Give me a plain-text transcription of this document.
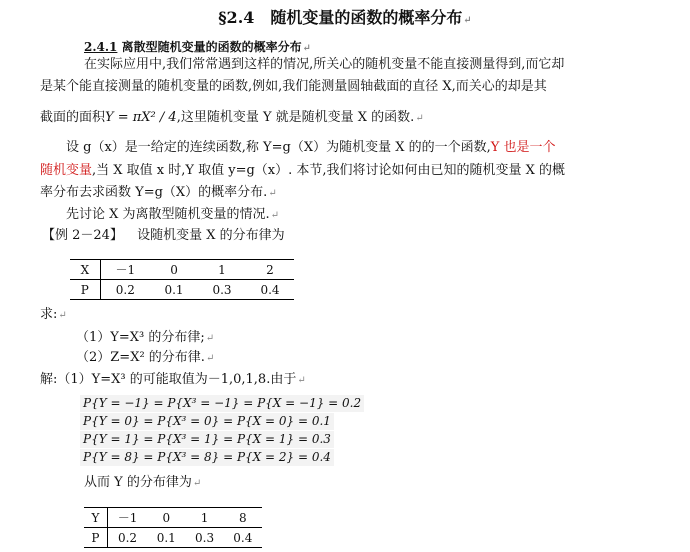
§2.4　随机变量的函数的概率分布↵
2.4.1 离散型随机变量的函数的概率分布↵
在实际应用中,我们常常遇到这样的情况,所关心的随机变量不能直接测量得到,而它却
是某个能直接测量的随机变量的函数,例如,我们能测量圆轴截面的直径 X,而关心的却是其
截面的面积Y = πX² / 4,这里随机变量 Y 就是随机变量 X 的函数.↵
设 g（x）是一给定的连续函数,称 Y=g（X）为随机变量 X 的的一个函数,Y 也是一个
随机变量,当 X 取值 x 时,Y 取值 y=g（x）. 本节,我们将讨论如何由已知的随机变量 X 的概
率分布去求函数 Y=g（X）的概率分布.↵
先讨论 X 为离散型随机变量的情况.↵
【例 2－24】 设随机变量 X 的分布律为
X	－1	0	1	2
P	0.2	0.1	0.3	0.4
求:↵
（1）Y=X³ 的分布律;↵
（2）Z=X² 的分布律.↵
解:（1）Y=X³ 的可能取值为－1,0,1,8.由于↵
P{Y = −1} = P{X³ = −1} = P{X = −1} = 0.2
P{Y = 0} = P{X³ = 0} = P{X = 0} = 0.1
P{Y = 1} = P{X³ = 1} = P{X = 1} = 0.3
P{Y = 8} = P{X³ = 8} = P{X = 2} = 0.4
从而 Y 的分布律为↵
Y	－1	0	1	8
P	0.2	0.1	0.3	0.4
